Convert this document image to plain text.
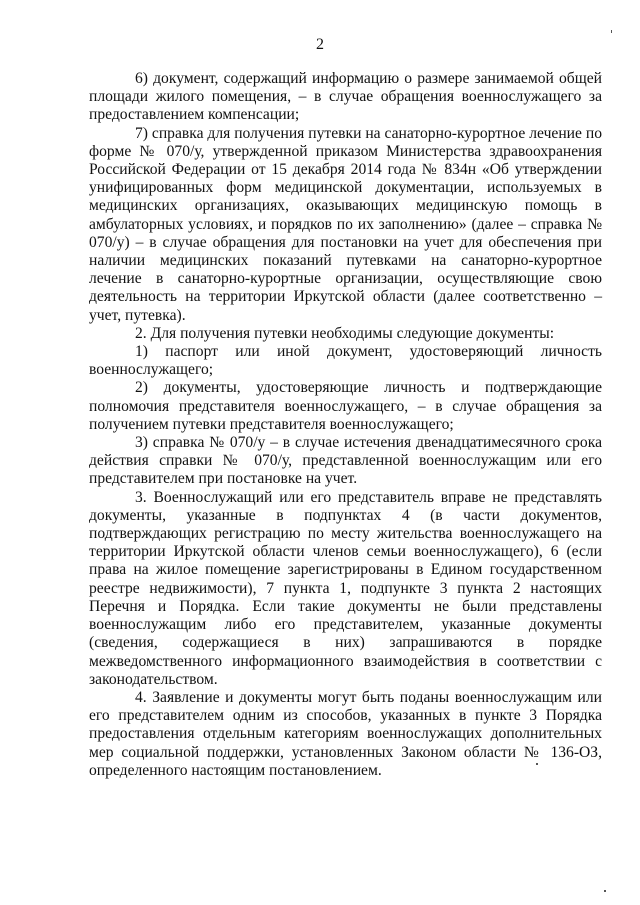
2

6) документ, содержащий информацию о размере занимаемой общей площади жилого помещения, – в случае обращения военнослужащего за предоставлением компенсации;

7) справка для получения путевки на санаторно-курортное лечение по форме № 070/у, утвержденной приказом Министерства здравоохранения Российской Федерации от 15 декабря 2014 года № 834н «Об утверждении унифицированных форм медицинской документации, используемых в медицинских организациях, оказывающих медицинскую помощь в амбулаторных условиях, и порядков по их заполнению» (далее – справка № 070/у) – в случае обращения для постановки на учет для обеспечения при наличии медицинских показаний путевками на санаторно-курортное лечение в санаторно-курортные организации, осуществляющие свою деятельность на территории Иркутской области (далее соответственно – учет, путевка).

2. Для получения путевки необходимы следующие документы:

1) паспорт или иной документ, удостоверяющий личность военнослужащего;

2) документы, удостоверяющие личность и подтверждающие полномочия представителя военнослужащего, – в случае обращения за получением путевки представителя военнослужащего;

3) справка № 070/у – в случае истечения двенадцатимесячного срока действия справки № 070/у, представленной военнослужащим или его представителем при постановке на учет.

3. Военнослужащий или его представитель вправе не представлять документы, указанные в подпунктах 4 (в части документов, подтверждающих регистрацию по месту жительства военнослужащего на территории Иркутской области членов семьи военнослужащего), 6 (если права на жилое помещение зарегистрированы в Едином государственном реестре недвижимости), 7 пункта 1, подпункте 3 пункта 2 настоящих Перечня и Порядка. Если такие документы не были представлены военнослужащим либо его представителем, указанные документы (сведения, содержащиеся в них) запрашиваются в порядке межведомственного информационного взаимодействия в соответствии с законодательством.

4. Заявление и документы могут быть поданы военнослужащим или его представителем одним из способов, указанных в пункте 3 Порядка предоставления отдельным категориям военнослужащих дополнительных мер социальной поддержки, установленных Законом области № 136-ОЗ, определенного настоящим постановлением.
